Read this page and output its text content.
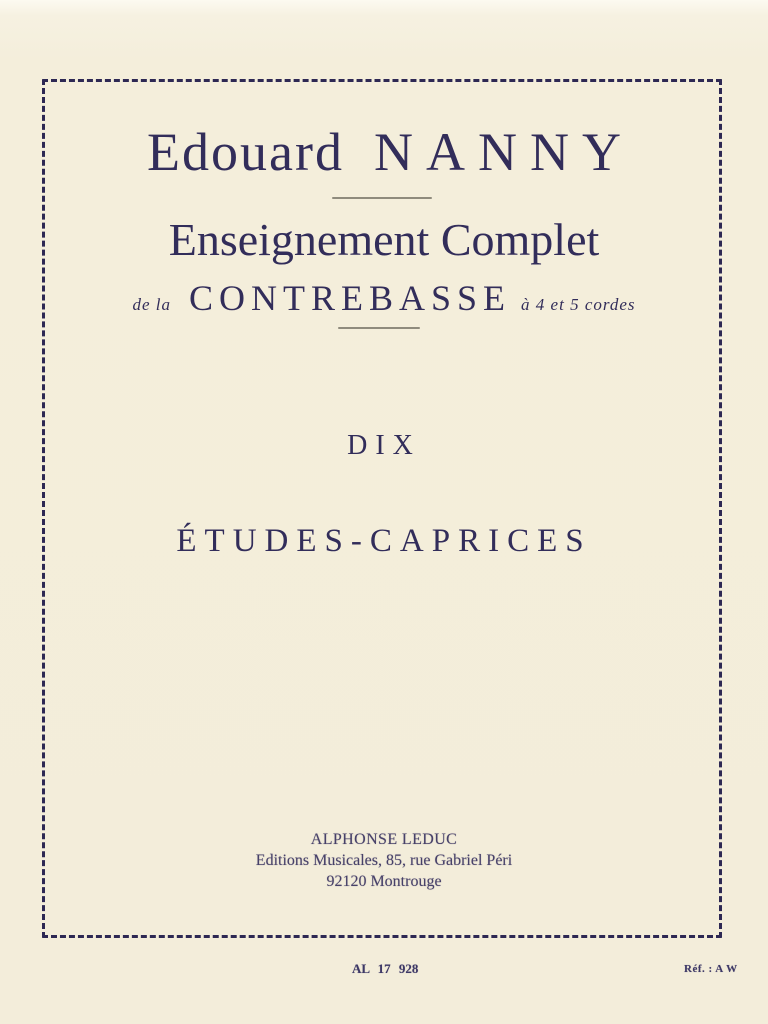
Edouard NANNY
Enseignement Complet
de la CONTREBASSE à 4 et 5 cordes
DIX
ÉTUDES-CAPRICES
ALPHONSE LEDUC
Editions Musicales, 85, rue Gabriel Péri
92120 Montrouge
AL 17 928	Réf. : A W
